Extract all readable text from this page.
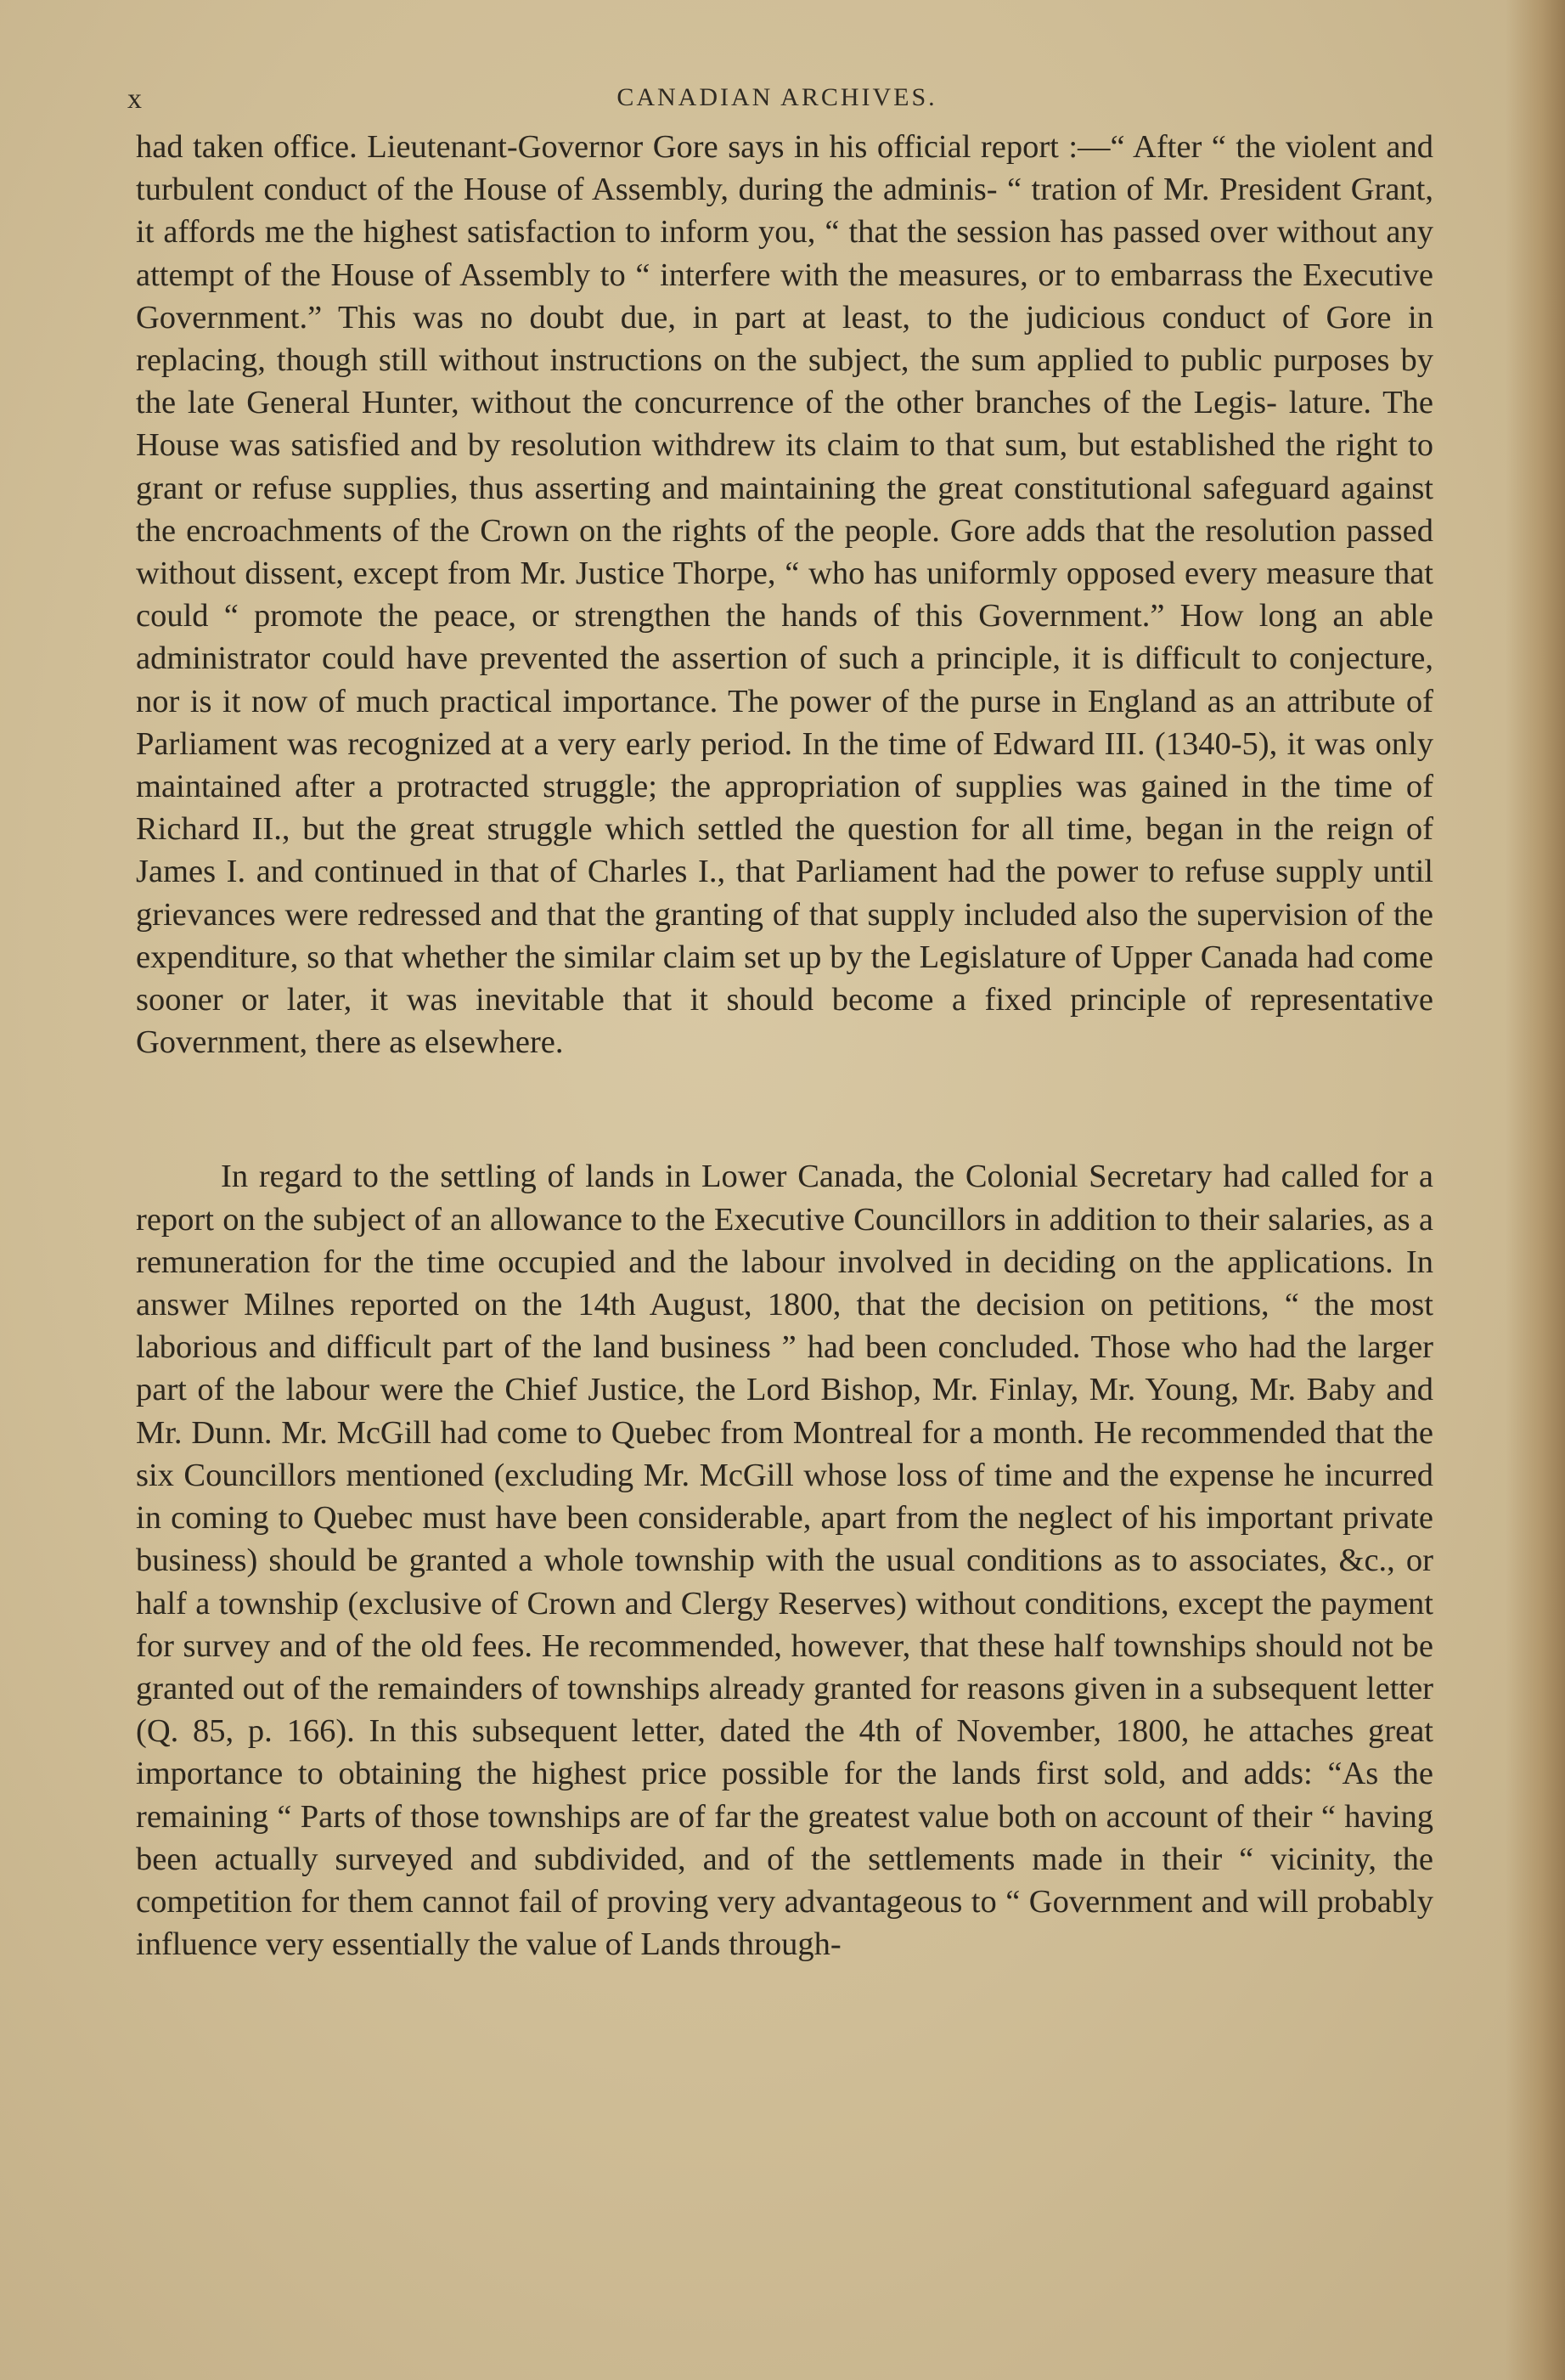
x	CANADIAN ARCHIVES.

had taken office. Lieutenant-Governor Gore says in his official report :—“ After “ the violent and turbulent conduct of the House of Assembly, during the adminis- “ tration of Mr. President Grant, it affords me the highest satisfaction to inform you, “ that the session has passed over without any attempt of the House of Assembly to “ interfere with the measures, or to embarrass the Executive Government.” This was no doubt due, in part at least, to the judicious conduct of Gore in replacing, though still without instructions on the subject, the sum applied to public purposes by the late General Hunter, without the concurrence of the other branches of the Legis- lature. The House was satisfied and by resolution withdrew its claim to that sum, but established the right to grant or refuse supplies, thus asserting and maintaining the great constitutional safeguard against the encroachments of the Crown on the rights of the people. Gore adds that the resolution passed without dissent, except from Mr. Justice Thorpe, “ who has uniformly opposed every measure that could “ promote the peace, or strengthen the hands of this Government.” How long an able administrator could have prevented the assertion of such a principle, it is difficult to conjecture, nor is it now of much practical importance. The power of the purse in England as an attribute of Parliament was recognized at a very early period. In the time of Edward III. (1340-5), it was only maintained after a protracted struggle; the appropriation of supplies was gained in the time of Richard II., but the great struggle which settled the question for all time, began in the reign of James I. and continued in that of Charles I., that Parliament had the power to refuse supply until grievances were redressed and that the granting of that supply included also the supervision of the expenditure, so that whether the similar claim set up by the Legislature of Upper Canada had come sooner or later, it was inevitable that it should become a fixed principle of representative Government, there as elsewhere.

In regard to the settling of lands in Lower Canada, the Colonial Secretary had called for a report on the subject of an allowance to the Executive Councillors in addition to their salaries, as a remuneration for the time occupied and the labour involved in deciding on the applications. In answer Milnes reported on the 14th August, 1800, that the decision on petitions, “ the most laborious and difficult part of the land business ” had been concluded. Those who had the larger part of the labour were the Chief Justice, the Lord Bishop, Mr. Finlay, Mr. Young, Mr. Baby and Mr. Dunn. Mr. McGill had come to Quebec from Montreal for a month. He recommended that the six Councillors mentioned (excluding Mr. McGill whose loss of time and the expense he incurred in coming to Quebec must have been considerable, apart from the neglect of his important private business) should be granted a whole township with the usual conditions as to associates, &c., or half a township (exclusive of Crown and Clergy Reserves) without conditions, except the payment for survey and of the old fees. He recommended, however, that these half townships should not be granted out of the remainders of townships already granted for reasons given in a subsequent letter (Q. 85, p. 166). In this subsequent letter, dated the 4th of November, 1800, he attaches great importance to obtaining the highest price possible for the lands first sold, and adds: “As the remaining “ Parts of those townships are of far the greatest value both on account of their “ having been actually surveyed and subdivided, and of the settlements made in their “ vicinity, the competition for them cannot fail of proving very advantageous to “ Government and will probably influence very essentially the value of Lands through-
